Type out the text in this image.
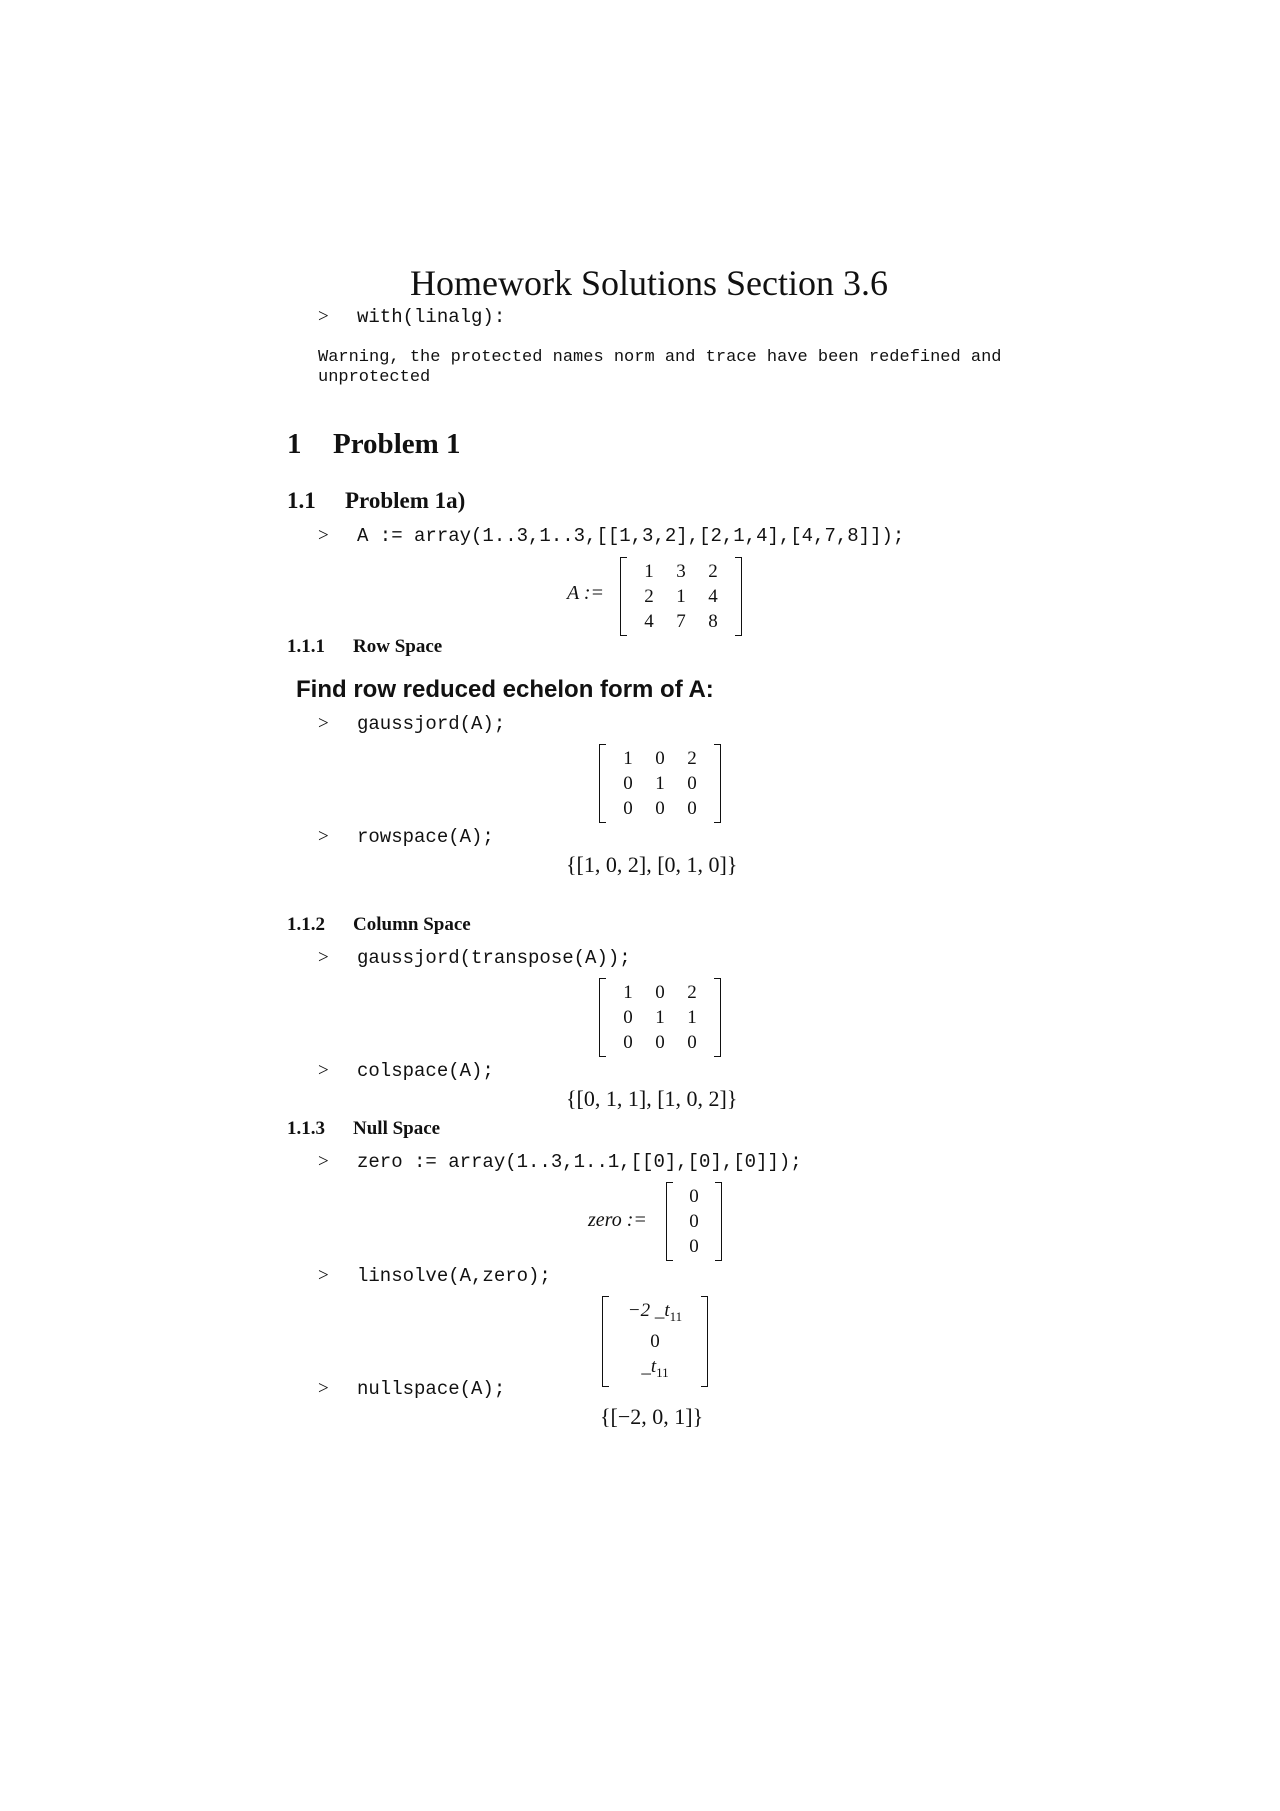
Homework Solutions Section 3.6
> with(linalg):
Warning, the protected names norm and trace have been redefined and
unprotected
1 Problem 1
1.1 Problem 1a)
> A := array(1..3,1..3,[[1,3,2],[2,1,4],[4,7,8]]);
A :=
1	3	2
2	1	4
4	7	8
1.1.1 Row Space
Find row reduced echelon form of A:
> gaussjord(A);
1	0	2
0	1	0
0	0	0
> rowspace(A);
{[1, 0, 2], [0, 1, 0]}
1.1.2 Column Space
> gaussjord(transpose(A));
1	0	2
0	1	1
0	0	0
> colspace(A);
{[0, 1, 1], [1, 0, 2]}
1.1.3 Null Space
> zero := array(1..3,1..1,[[0],[0],[0]]);
zero :=
0
0
0
> linsolve(A,zero);
−2 $\_t_{11}$
0
$\_t_{11}$
> nullspace(A);
{[−2, 0, 1]}
